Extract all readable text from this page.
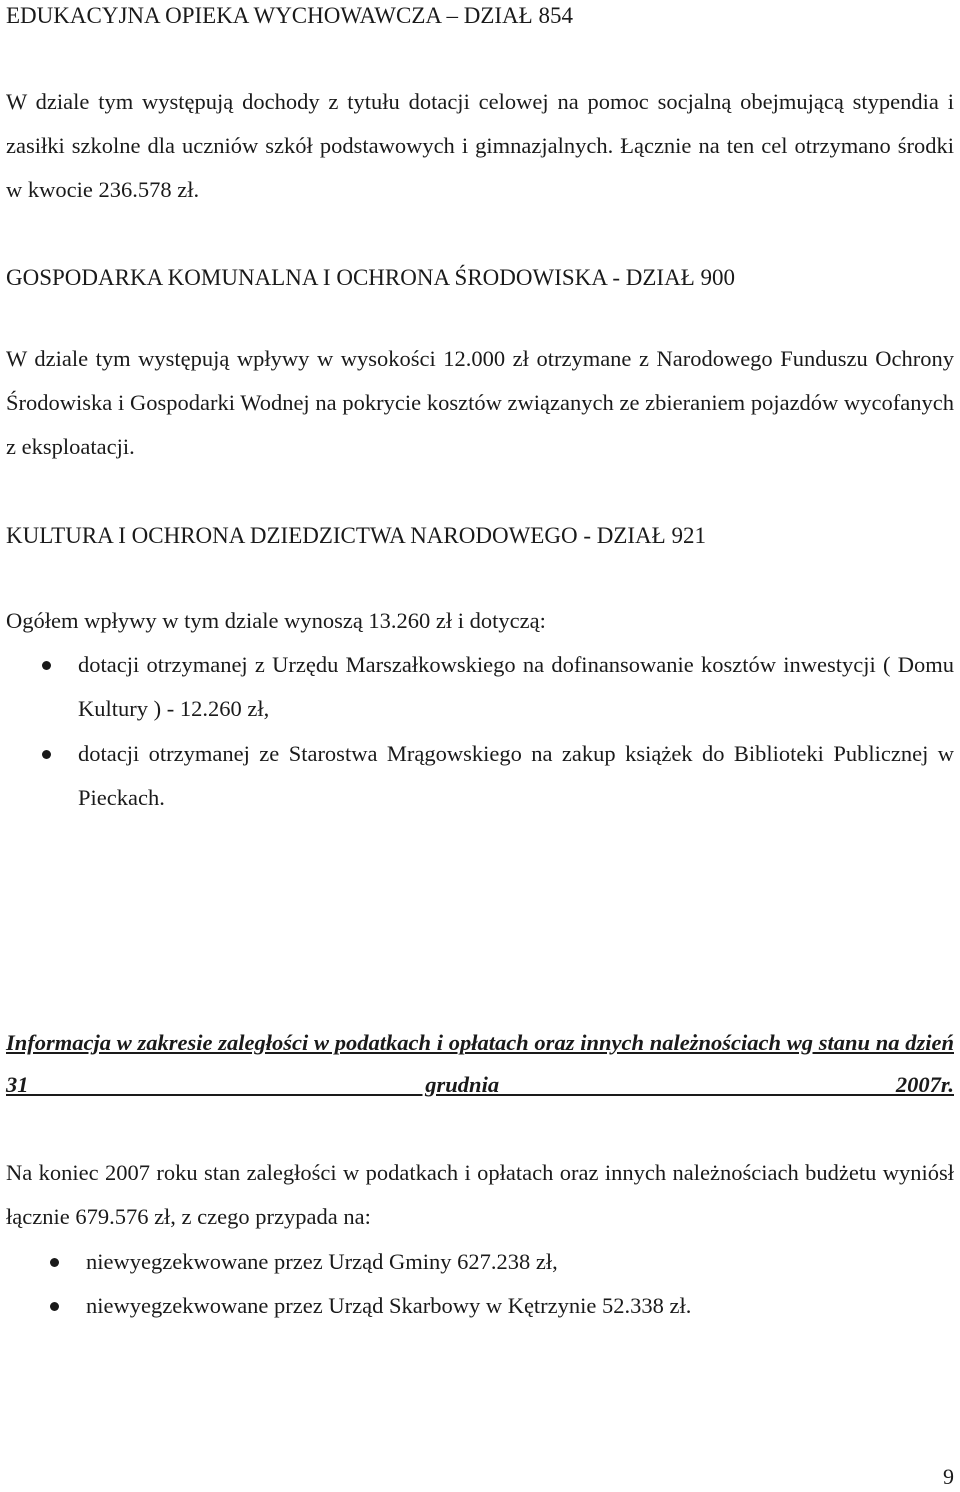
EDUKACYJNA OPIEKA WYCHOWAWCZA – DZIAŁ 854

W dziale tym występują dochody z tytułu dotacji celowej na pomoc socjalną obejmującą stypendia i zasiłki szkolne dla uczniów szkół podstawowych i gimnazjalnych. Łącznie na ten cel otrzymano środki w kwocie 236.578 zł.

GOSPODARKA KOMUNALNA I OCHRONA ŚRODOWISKA - DZIAŁ 900

W dziale tym występują wpływy w wysokości 12.000 zł otrzymane z Narodowego Funduszu Ochrony Środowiska i Gospodarki Wodnej na pokrycie kosztów związanych ze zbieraniem pojazdów wycofanych z eksploatacji.

KULTURA I OCHRONA DZIEDZICTWA NARODOWEGO - DZIAŁ 921

Ogółem wpływy w tym dziale wynoszą 13.260 zł i dotyczą:

dotacji otrzymanej z Urzędu Marszałkowskiego na dofinansowanie kosztów inwestycji ( Domu Kultury ) - 12.260 zł,

dotacji otrzymanej ze Starostwa Mrągowskiego na zakup książek do Biblioteki Publicznej w Pieckach.

Informacja w zakresie zaległości w podatkach i opłatach oraz innych należnościach wg stanu na dzień 31 grudnia 2007r.

Na koniec 2007 roku stan zaległości w podatkach i opłatach oraz innych należnościach budżetu wyniósł łącznie 679.576 zł, z czego przypada na:

niewyegzekwowane przez Urząd Gminy 627.238 zł,

niewyegzekwowane przez Urząd Skarbowy w Kętrzynie 52.338 zł.

9
